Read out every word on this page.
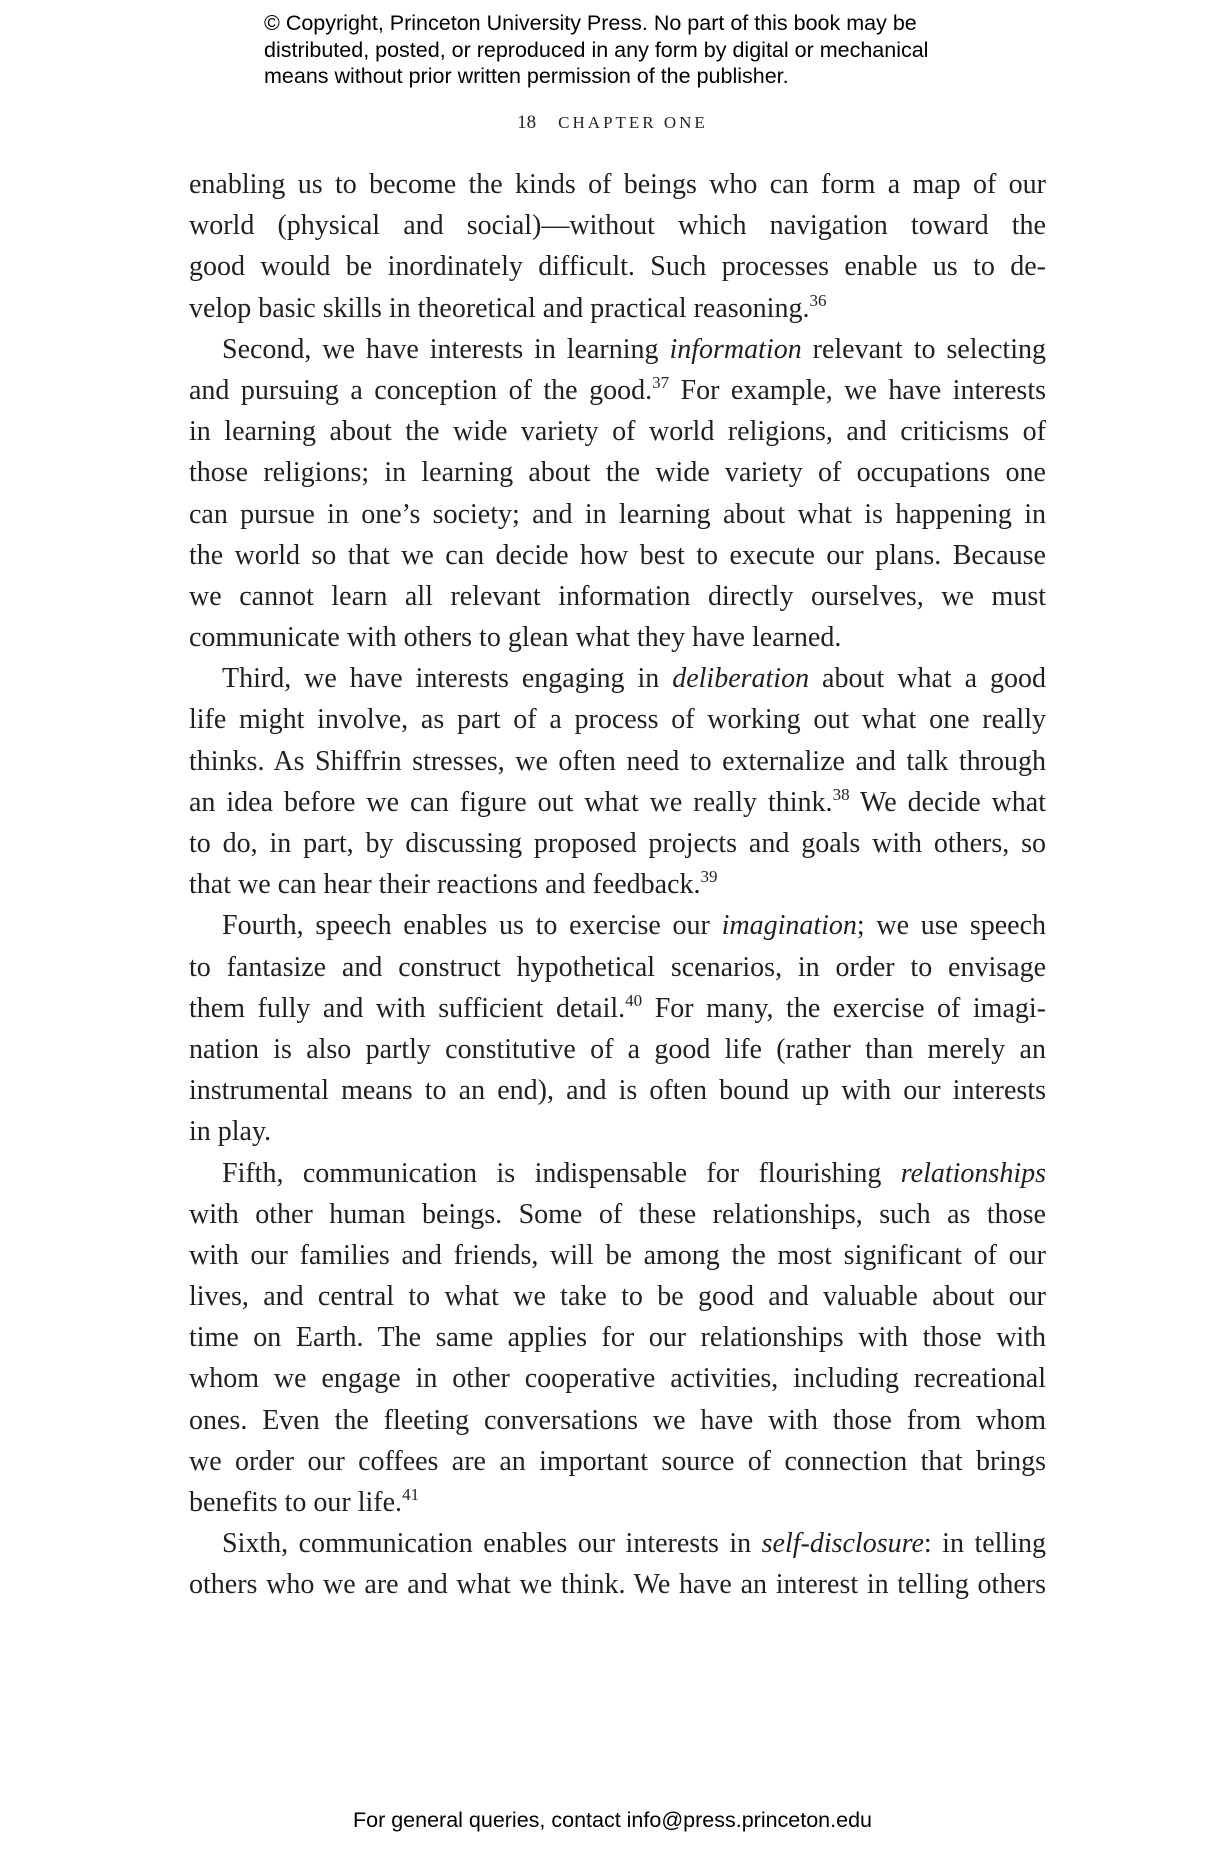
© Copyright, Princeton University Press. No part of this book may be
distributed, posted, or reproduced in any form by digital or mechanical
means without prior written permission of the publisher.
18 CHAPTER ONE
enabling us to become the kinds of beings who can form a map of our
world (physical and social)—without which navigation toward the
good would be inordinately difficult. Such processes enable us to de-
velop basic skills in theoretical and practical reasoning.$^{36}$
Second, we have interests in learning information relevant to selecting
and pursuing a conception of the good.$^{37}$ For example, we have interests
in learning about the wide variety of world religions, and criticisms of
those religions; in learning about the wide variety of occupations one
can pursue in one’s society; and in learning about what is happening in
the world so that we can decide how best to execute our plans. Because
we cannot learn all relevant information directly ourselves, we must
communicate with others to glean what they have learned.
Third, we have interests engaging in deliberation about what a good
life might involve, as part of a process of working out what one really
thinks. As Shiffrin stresses, we often need to externalize and talk through
an idea before we can figure out what we really think.$^{38}$ We decide what
to do, in part, by discussing proposed projects and goals with others, so
that we can hear their reactions and feedback.$^{39}$
Fourth, speech enables us to exercise our imagination; we use speech
to fantasize and construct hypothetical scenarios, in order to envisage
them fully and with sufficient detail.$^{40}$ For many, the exercise of imagi-
nation is also partly constitutive of a good life (rather than merely an
instrumental means to an end), and is often bound up with our interests
in play.
Fifth, communication is indispensable for flourishing relationships
with other human beings. Some of these relationships, such as those
with our families and friends, will be among the most significant of our
lives, and central to what we take to be good and valuable about our
time on Earth. The same applies for our relationships with those with
whom we engage in other cooperative activities, including recreational
ones. Even the fleeting conversations we have with those from whom
we order our coffees are an important source of connection that brings
benefits to our life.$^{41}$
Sixth, communication enables our interests in self-disclosure: in telling
others who we are and what we think. We have an interest in telling others
For general queries, contact info@press.princeton.edu
